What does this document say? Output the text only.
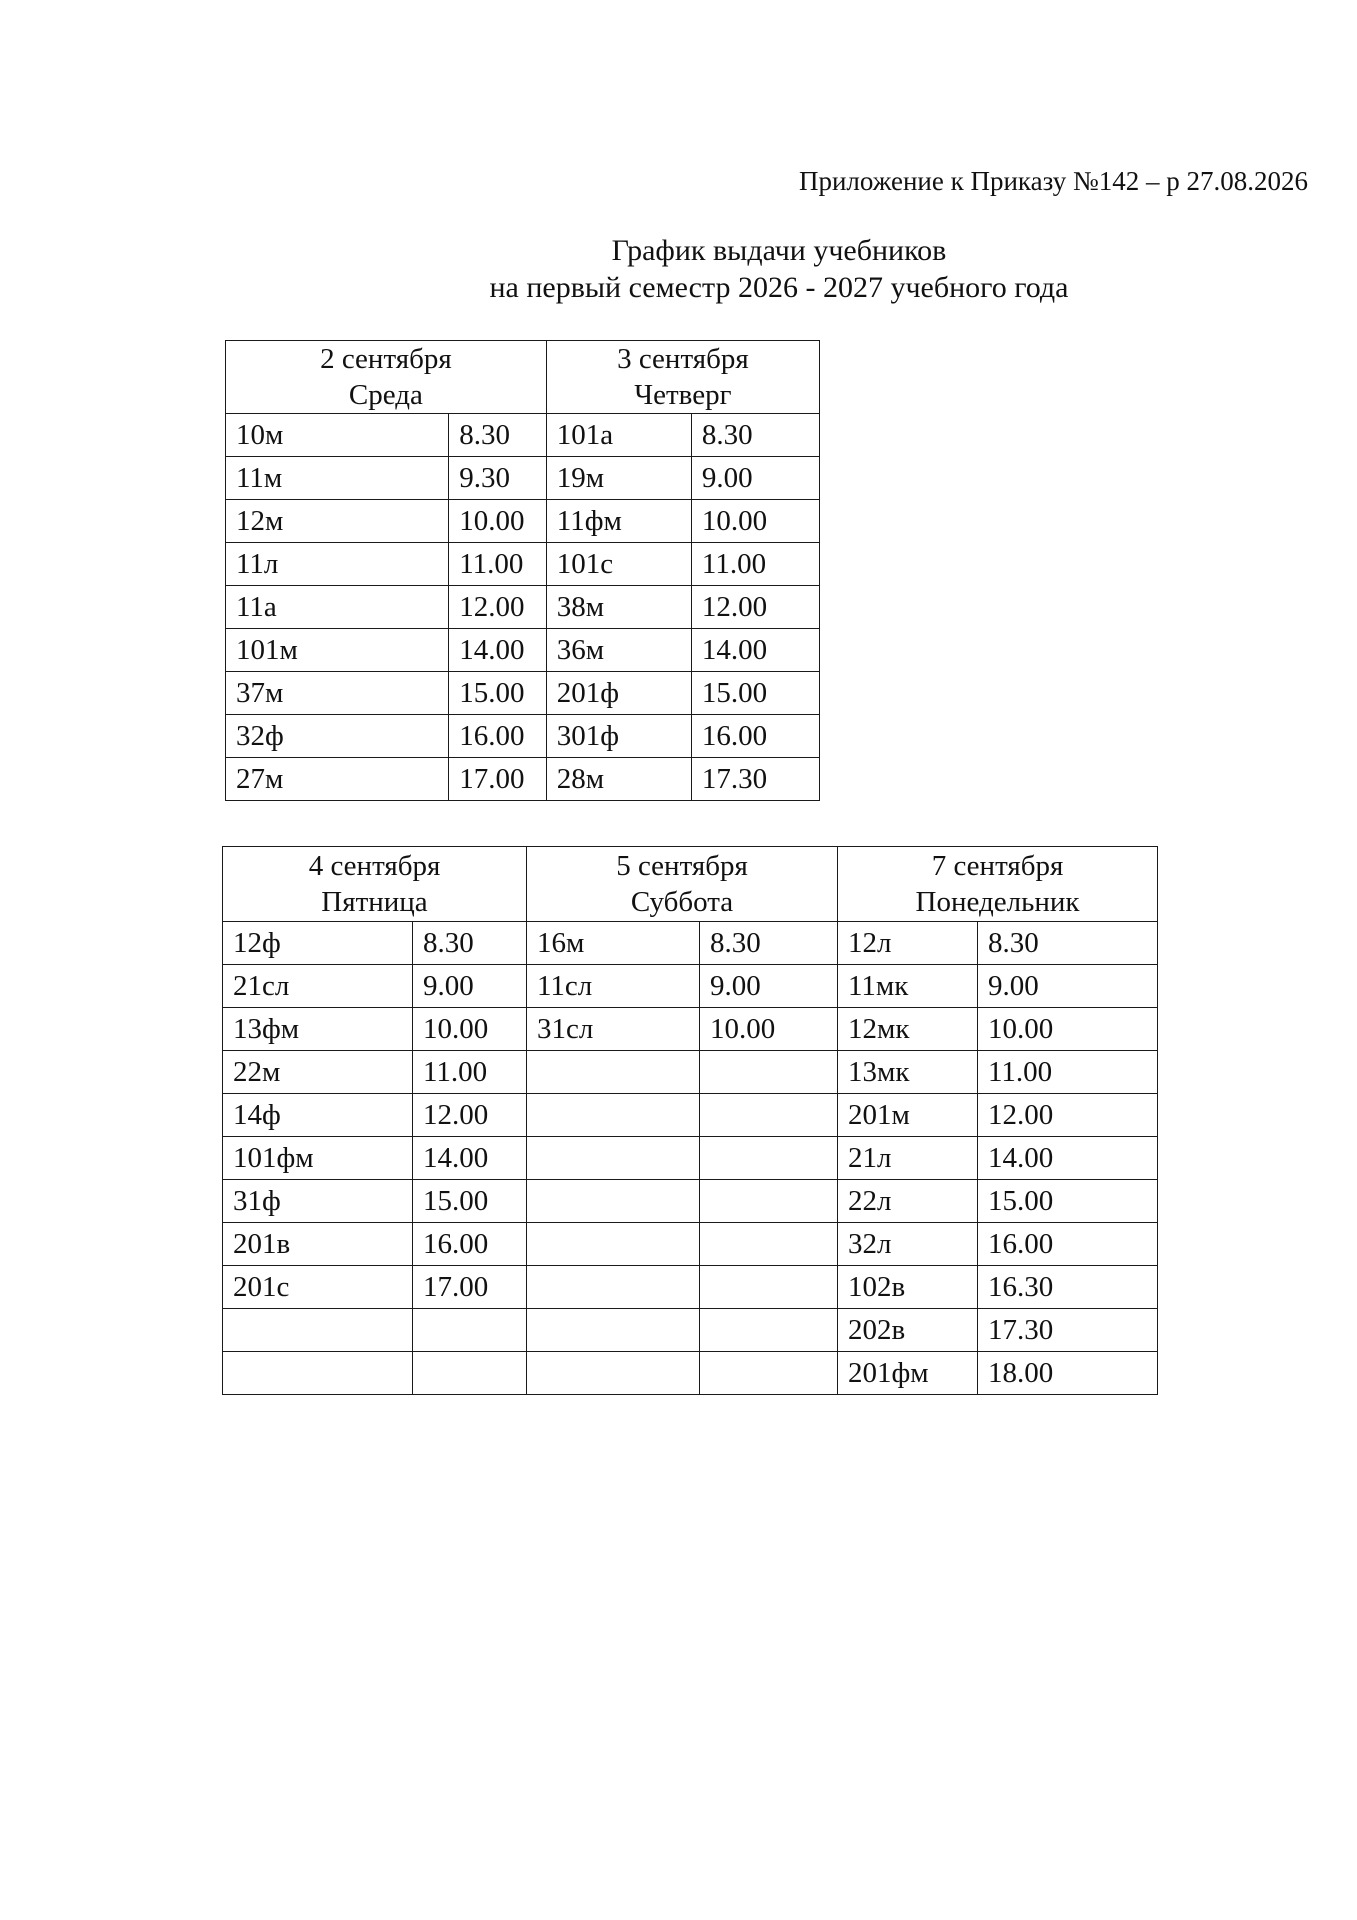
Приложение к Приказу №142 – р 27.08.2026
График выдачи учебников
на первый семестр 2026 - 2027 учебного года
2 сентября
Среда		3 сентября
Четверг	

10м	8.30	101а	8.30
11м	9.30	19м	9.00
12м	10.00	11фм	10.00
11л	11.00	101с	11.00
11а	12.00	38м	12.00
101м	14.00	36м	14.00
37м	15.00	201ф	15.00
32ф	16.00	301ф	16.00
27м	17.00	28м	17.30
4 сентября
Пятница		5 сентября
Суббота		7 сентября
Понедельник	

12ф	8.30	16м	8.30	12л	8.30
21сл	9.00	11сл	9.00	11мк	9.00
13фм	10.00	31сл	10.00	12мк	10.00
22м	11.00			13мк	11.00
14ф	12.00			201м	12.00
101фм	14.00			21л	14.00
31ф	15.00			22л	15.00
201в	16.00			32л	16.00
201с	17.00			102в	16.30
				202в	17.30
				201фм	18.00
